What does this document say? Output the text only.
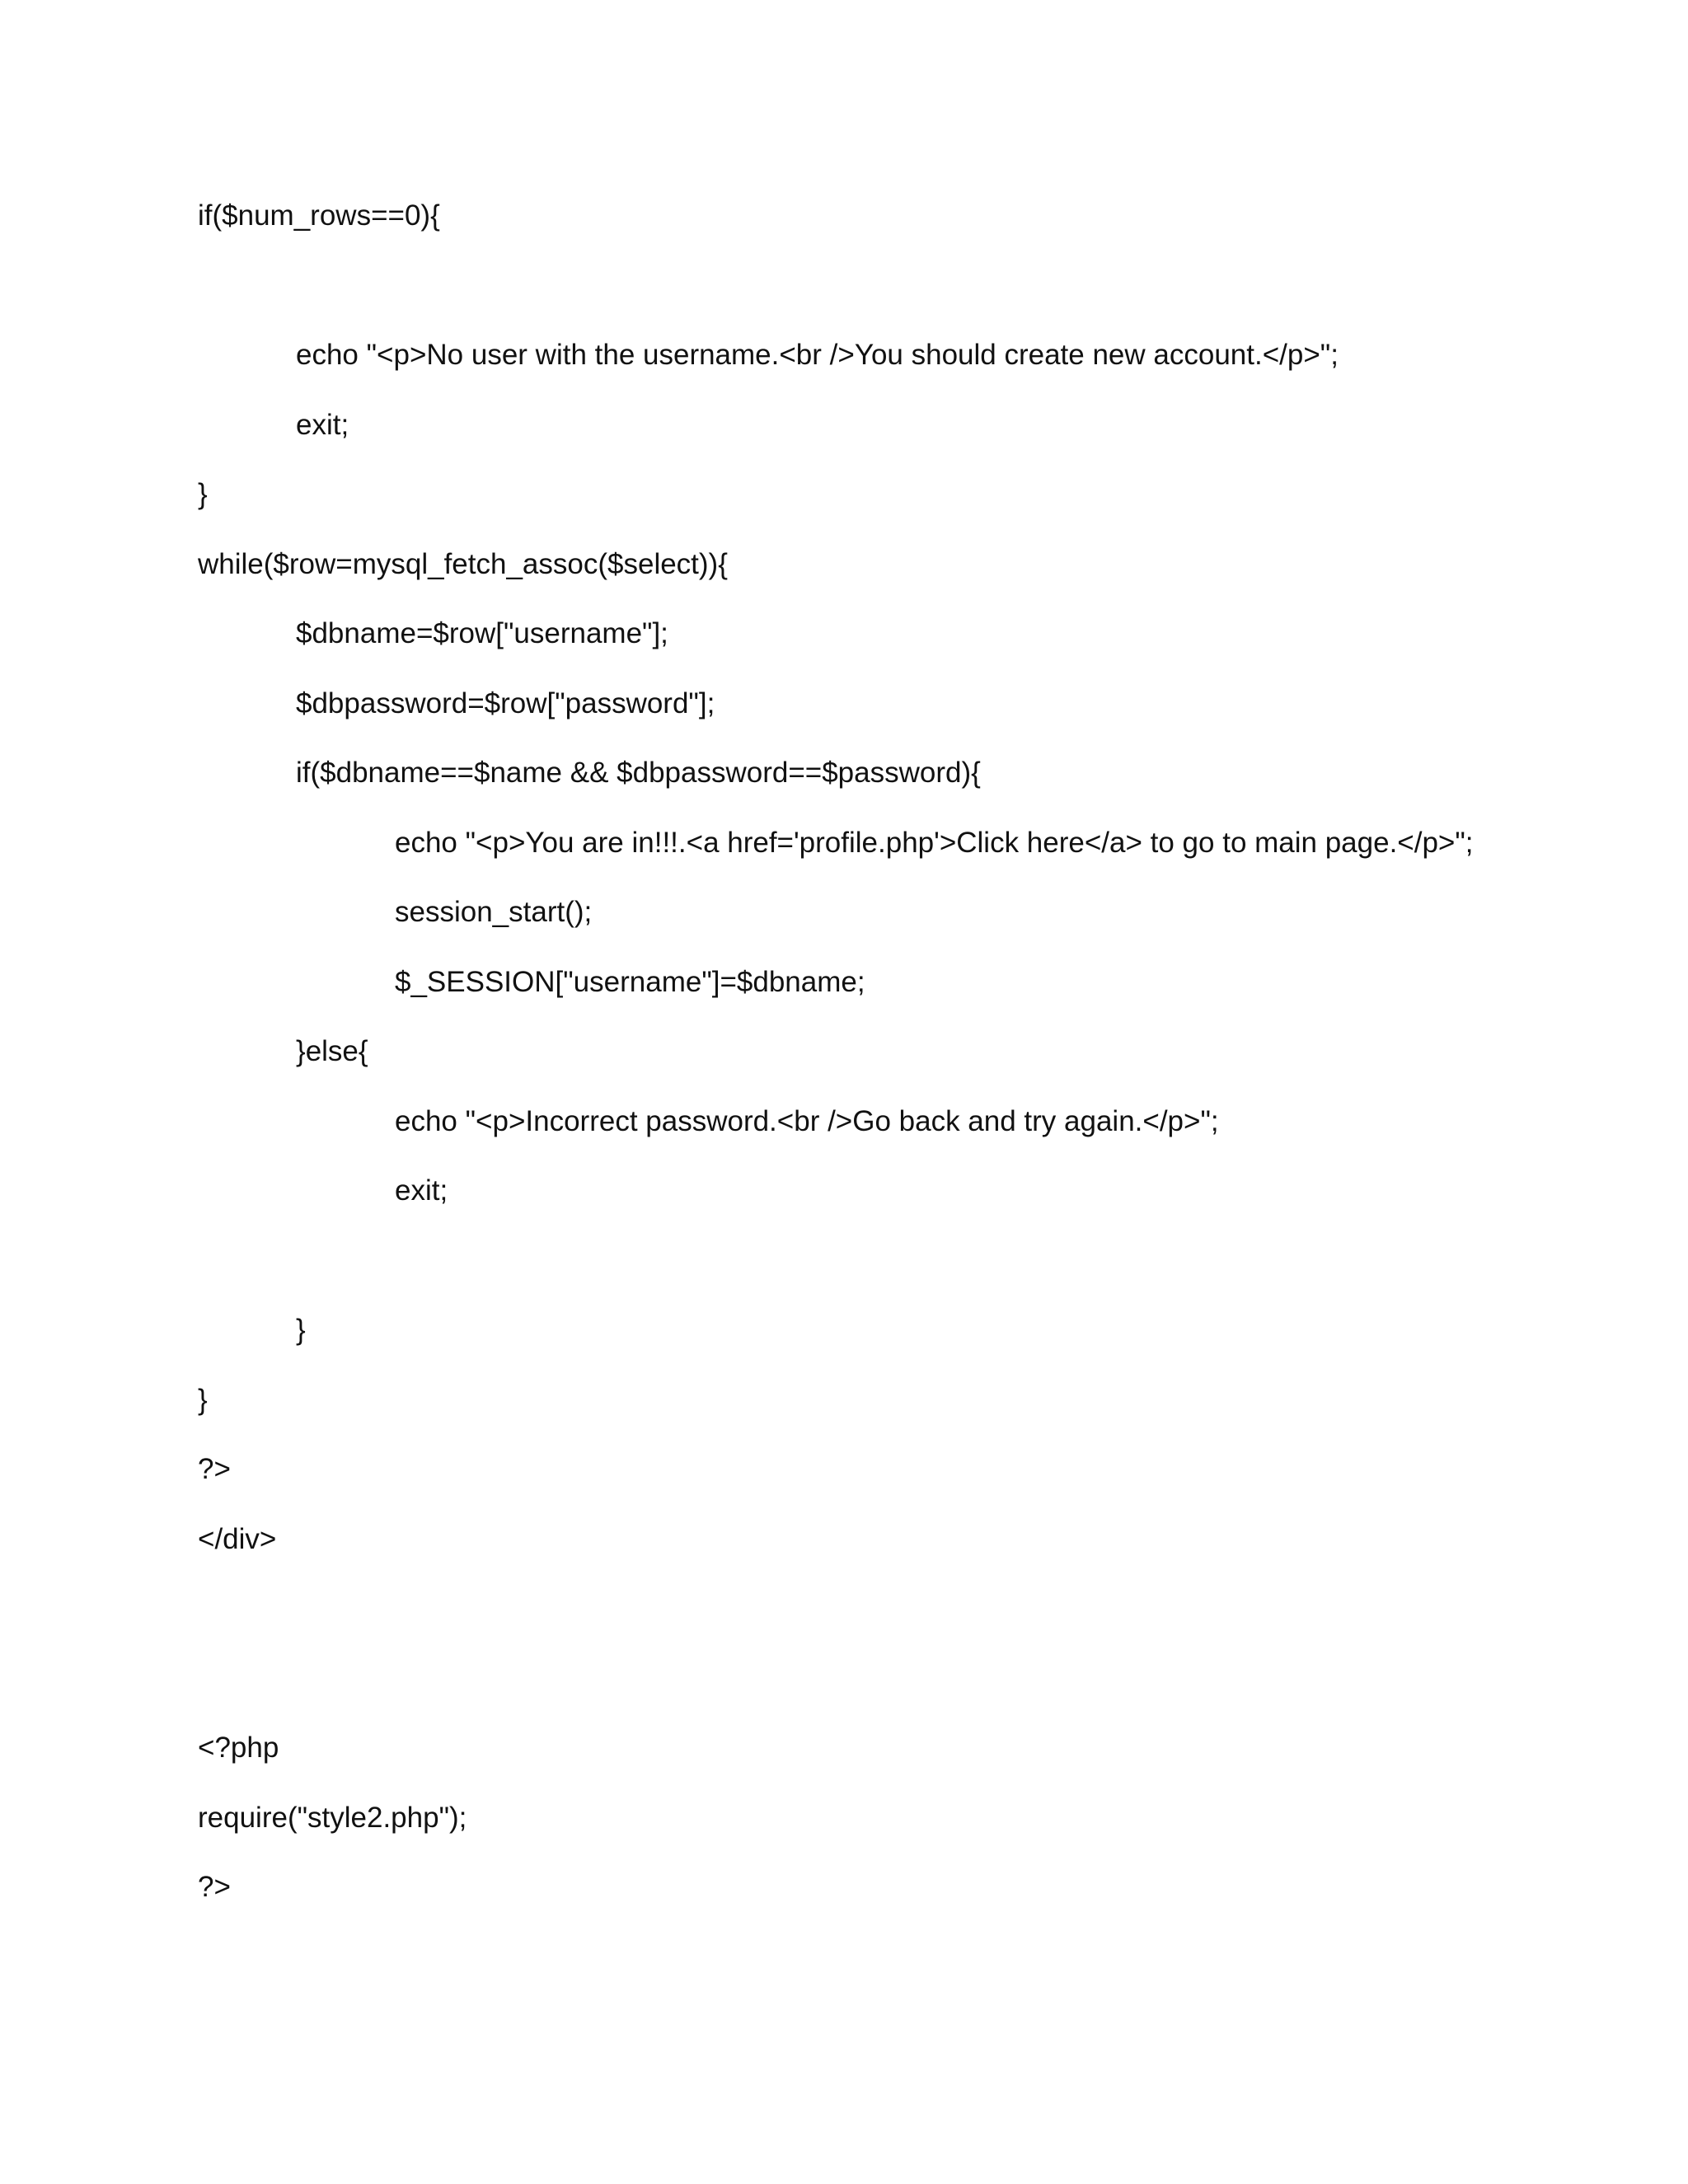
if($num_rows==0){
echo "<p>No user with the username.<br />You should create new account.</p>";
exit;
}
while($row=mysql_fetch_assoc($select)){
$dbname=$row["username"];
$dbpassword=$row["password"];
if($dbname==$name && $dbpassword==$password){
echo "<p>You are in!!!.<a href='profile.php'>Click here</a> to go to main page.</p>";
session_start();
$_SESSION["username"]=$dbname;
}else{
echo "<p>Incorrect password.<br />Go back and try again.</p>";
exit;
}
}
?>
</div>
<?php
require("style2.php");
?>
